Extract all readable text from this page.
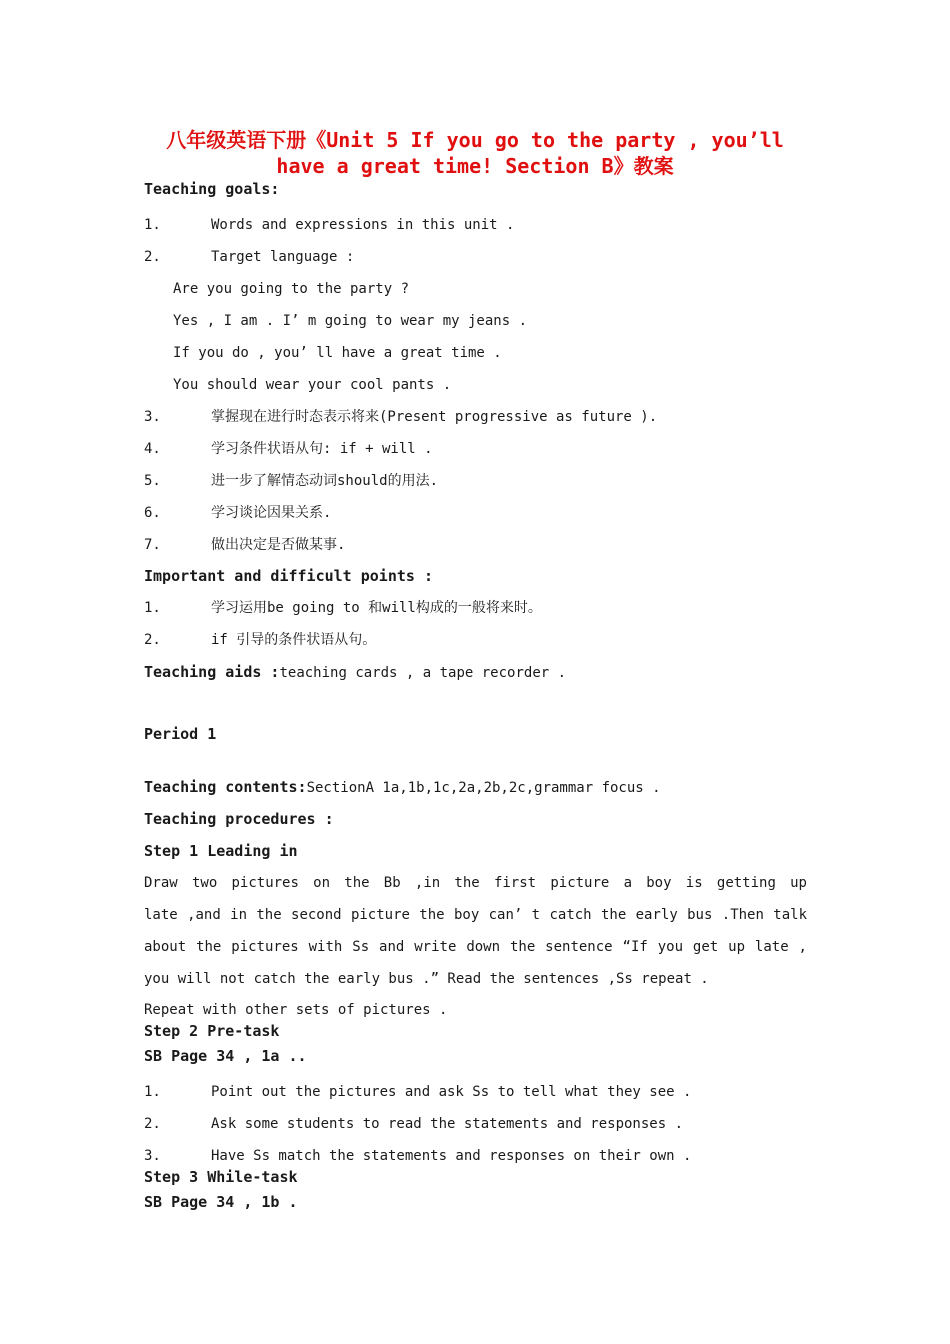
八年级英语下册《Unit 5 If you go to the party , you’ll
have a great time! Section B》教案
Teaching goals:
1.	Words and expressions in this unit .
2.	Target language :
Are you going to the party ?
Yes , I am . I’ m going to wear my jeans .
If you do , you’ ll have a great time .
You should wear your cool pants .
3.	掌握现在进行时态表示将来(Present progressive as future ).
4.	学习条件状语从句: if + will .
5.	进一步了解情态动词should的用法.
6.	学习谈论因果关系.
7.	做出决定是否做某事.
Important and difficult points :
1.	学习运用be going to 和will构成的一般将来时。
2.	if 引导的条件状语从句。
Teaching aids :teaching cards , a tape recorder .
Period 1
Teaching contents:SectionA 1a,1b,1c,2a,2b,2c,grammar focus .
Teaching procedures :
Step 1 Leading in
Draw two pictures on the Bb ,in the first picture a boy is getting up
late ,and in the second picture the boy can’ t catch the early bus .Then talk
about the pictures with Ss and write down the sentence “If you get up late ,
you will not catch the early bus .” Read the sentences ,Ss repeat .
Repeat with other sets of pictures .
Step 2 Pre-task
SB Page 34 , 1a ..
1.	Point out the pictures and ask Ss to tell what they see .
2.	Ask some students to read the statements and responses .
3.	Have Ss match the statements and responses on their own .
Step 3 While-task
SB Page 34 , 1b .
